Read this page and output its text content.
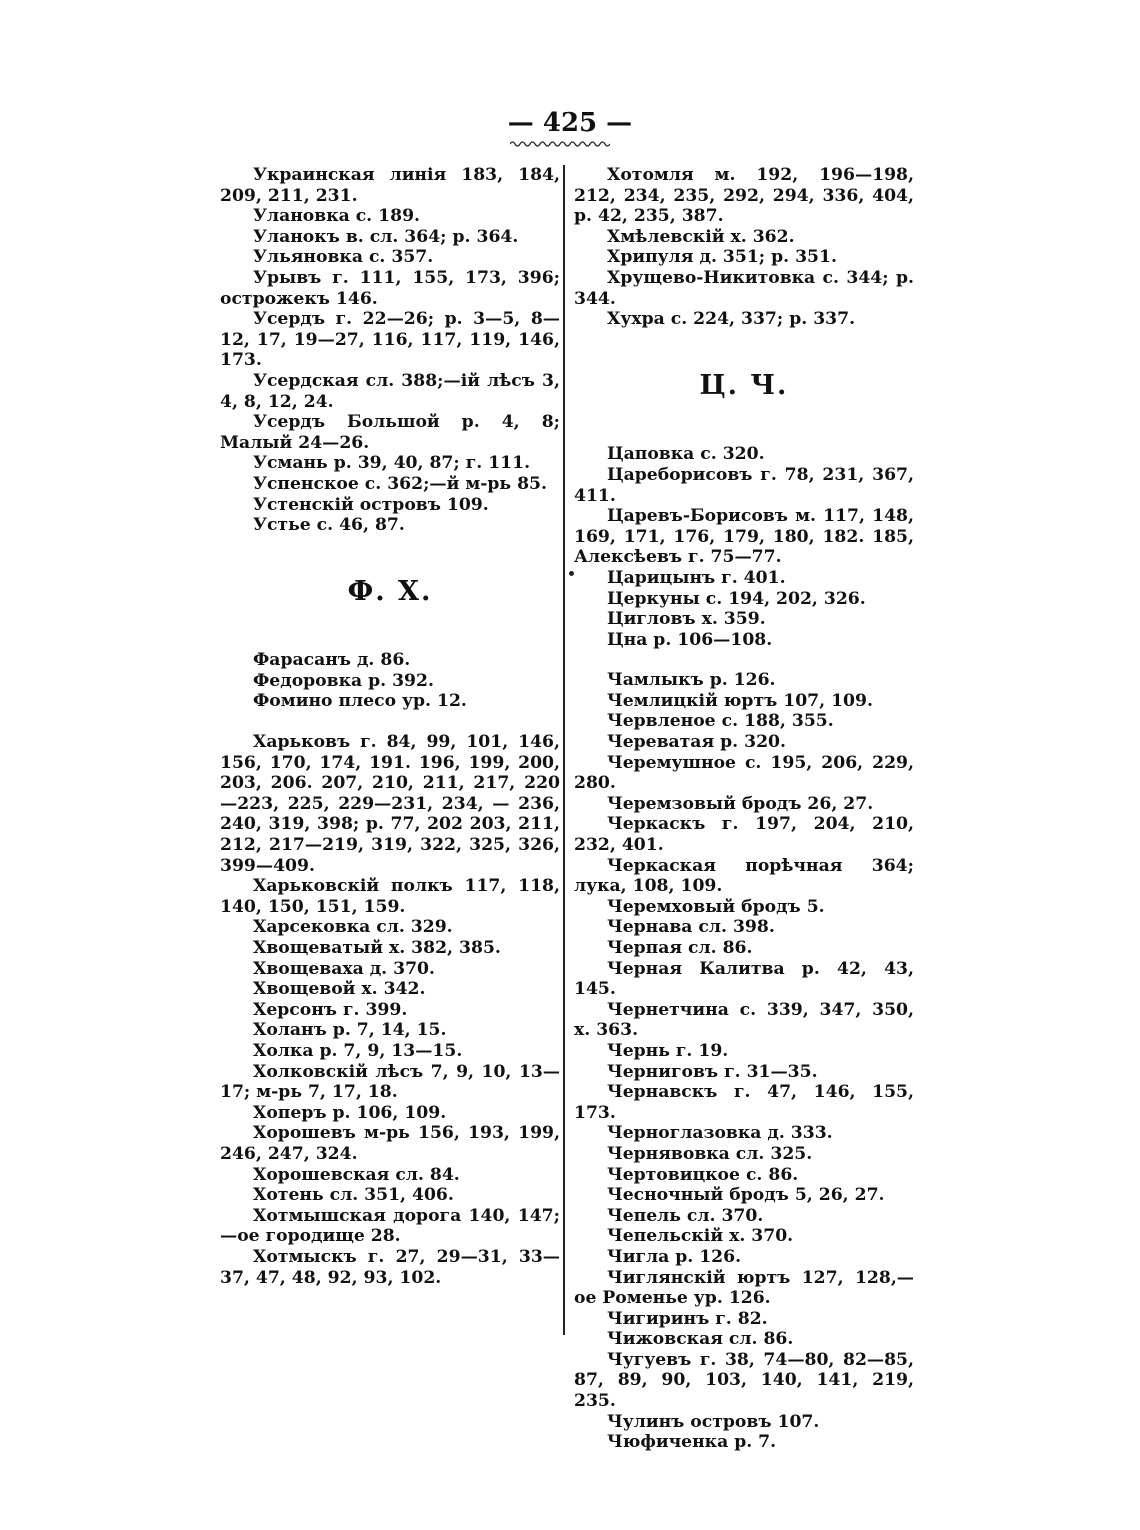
— 425 —

Украинская линія 183, 184, 209, 211, 231.

Улановка с. 189.

Уланокъ в. сл. 364; р. 364.

Ульяновка с. 357.

Урывъ г. 111, 155, 173, 396; острожекъ 146.

Усердъ г. 22—26; р. 3—5, 8—12, 17, 19—27, 116, 117, 119, 146, 173.

Усердская сл. 388;—ій лѣсъ 3, 4, 8, 12, 24.

Усердъ Большой р. 4, 8; Малый 24—26.

Усмань р. 39, 40, 87; г. 111.

Успенское с. 362;—й м-рь 85.

Устенскій островъ 109.

Устье с. 46, 87.

Ф. Х.

Фарасанъ д. 86.

Федоровка р. 392.

Фомино плесо ур. 12.

Харьковъ г. 84, 99, 101, 146, 156, 170, 174, 191. 196, 199, 200, 203, 206. 207, 210, 211, 217, 220—223, 225, 229—231, 234, — 236, 240, 319, 398; р. 77, 202 203, 211, 212, 217—219, 319, 322, 325, 326, 399—409.

Харьковскій полкъ 117, 118, 140, 150, 151, 159.

Харсековка сл. 329.

Хвощеватый х. 382, 385.

Хвощеваха д. 370.

Хвощевой х. 342.

Херсонъ г. 399.

Холанъ р. 7, 14, 15.

Холка р. 7, 9, 13—15.

Холковскій лѣсъ 7, 9, 10, 13—17; м-рь 7, 17, 18.

Хоперъ р. 106, 109.

Хорошевъ м-рь 156, 193, 199, 246, 247, 324.

Хорошевская сл. 84.

Хотень сл. 351, 406.

Хотмышская дорога 140, 147;—ое городище 28.

Хотмыскъ г. 27, 29—31, 33—37, 47, 48, 92, 93, 102.

Хотомля м. 192, 196—198, 212, 234, 235, 292, 294, 336, 404, р. 42, 235, 387.

Хмѣлевскій х. 362.

Хрипуля д. 351; р. 351.

Хрущево-Никитовка с. 344; р. 344.

Хухра с. 224, 337; р. 337.

Ц. Ч.

Цаповка с. 320.

Цареборисовъ г. 78, 231, 367, 411.

Царевъ-Борисовъ м. 117, 148, 169, 171, 176, 179, 180, 182. 185, Алексѣевъ г. 75—77.

Царицынъ г. 401.

Церкуны с. 194, 202, 326.

Цигловъ х. 359.

Цна р. 106—108.

Чамлыкъ р. 126.

Чемлицкій юртъ 107, 109.

Червленое с. 188, 355.

Череватая р. 320.

Черемушное с. 195, 206, 229, 280.

Черемзовый бродъ 26, 27.

Черкаскъ г. 197, 204, 210, 232, 401.

Черкаская порѣчная 364; лука, 108, 109.

Черемховый бродъ 5.

Чернава сл. 398.

Черпая сл. 86.

Черная Калитва р. 42, 43, 145.

Чернетчина с. 339, 347, 350, х. 363.

Чернь г. 19.

Черниговъ г. 31—35.

Чернавскъ г. 47, 146, 155, 173.

Черноглазовка д. 333.

Чернявовка сл. 325.

Чертовицкое с. 86.

Чесночный бродъ 5, 26, 27.

Чепель сл. 370.

Чепельскій х. 370.

Чигла р. 126.

Чиглянскій юртъ 127, 128,—ое Роменье ур. 126.

Чигиринъ г. 82.

Чижовская сл. 86.

Чугуевъ г. 38, 74—80, 82—85, 87, 89, 90, 103, 140, 141, 219, 235.

Чулинъ островъ 107.

Чюфиченка р. 7.
